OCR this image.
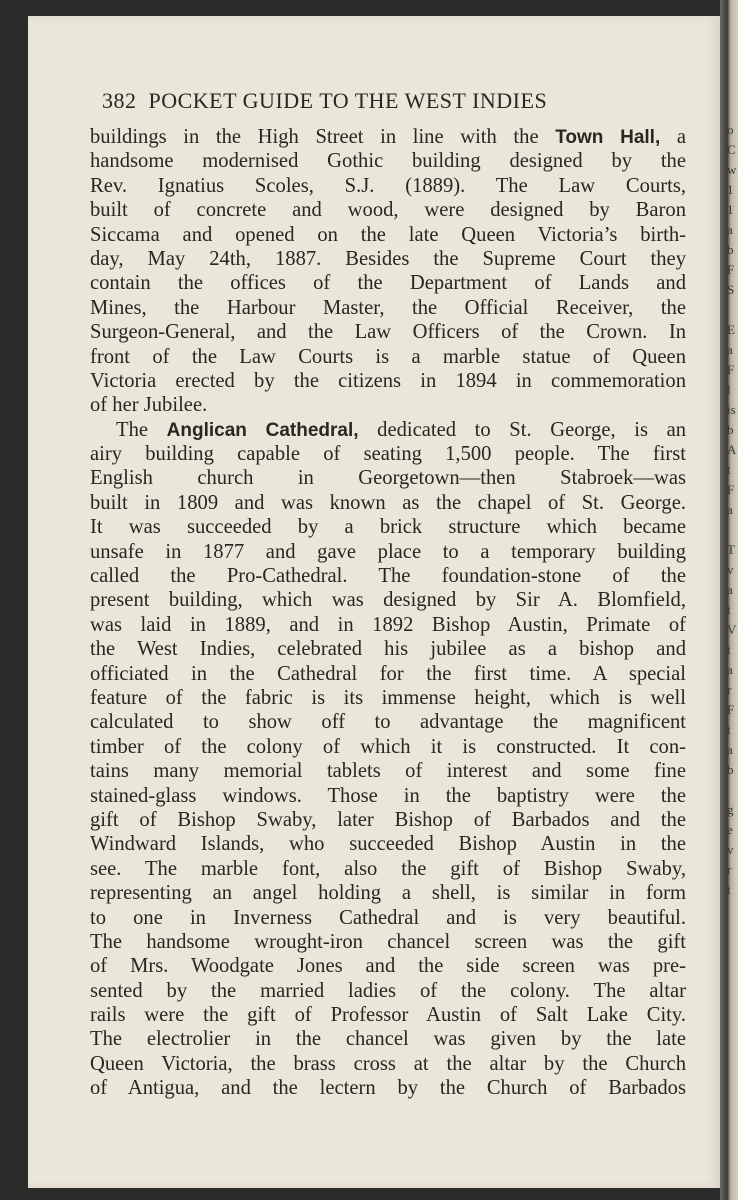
o
C
w
1
1
a
b
F
S

E
a
F
l
is
b
A
t
F
a

T
v
a
t
V
t
a
r
F
t
a
b

g
e
v
r
t
382 POCKET GUIDE TO THE WEST INDIES
buildings in the High Street in line with the Town Hall, a
handsome modernised Gothic building designed by the
Rev. Ignatius Scoles, S.J. (1889). The Law Courts,
built of concrete and wood, were designed by Baron
Siccama and opened on the late Queen Victoria’s birth-
day, May 24th, 1887. Besides the Supreme Court they
contain the offices of the Department of Lands and
Mines, the Harbour Master, the Official Receiver, the
Surgeon-General, and the Law Officers of the Crown. In
front of the Law Courts is a marble statue of Queen
Victoria erected by the citizens in 1894 in commemoration
of her Jubilee.
The Anglican Cathedral, dedicated to St. George, is an
airy building capable of seating 1,500 people. The first
English church in Georgetown—then Stabroek—was
built in 1809 and was known as the chapel of St. George.
It was succeeded by a brick structure which became
unsafe in 1877 and gave place to a temporary building
called the Pro-Cathedral. The foundation-stone of the
present building, which was designed by Sir A. Blomfield,
was laid in 1889, and in 1892 Bishop Austin, Primate of
the West Indies, celebrated his jubilee as a bishop and
officiated in the Cathedral for the first time. A special
feature of the fabric is its immense height, which is well
calculated to show off to advantage the magnificent
timber of the colony of which it is constructed. It con-
tains many memorial tablets of interest and some fine
stained-glass windows. Those in the baptistry were the
gift of Bishop Swaby, later Bishop of Barbados and the
Windward Islands, who succeeded Bishop Austin in the
see. The marble font, also the gift of Bishop Swaby,
representing an angel holding a shell, is similar in form
to one in Inverness Cathedral and is very beautiful.
The handsome wrought-iron chancel screen was the gift
of Mrs. Woodgate Jones and the side screen was pre-
sented by the married ladies of the colony. The altar
rails were the gift of Professor Austin of Salt Lake City.
The electrolier in the chancel was given by the late
Queen Victoria, the brass cross at the altar by the Church
of Antigua, and the lectern by the Church of Barbados
